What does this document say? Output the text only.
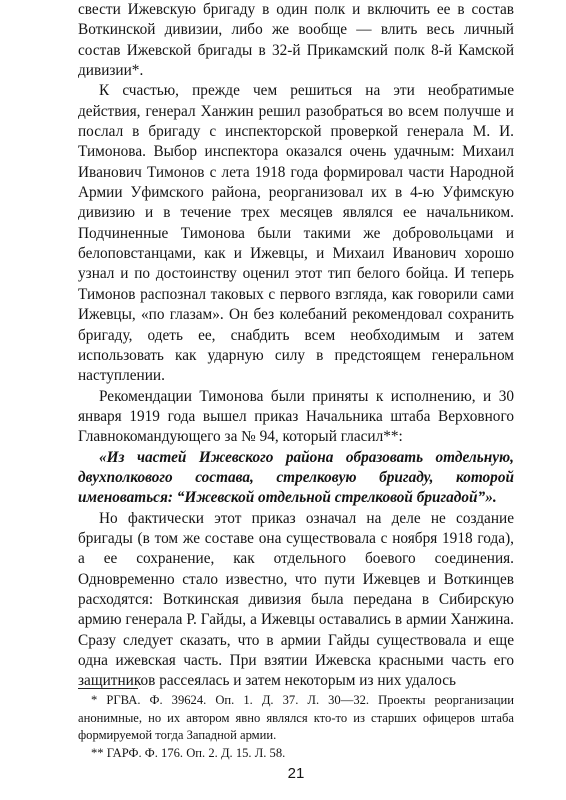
свести Ижевскую бригаду в один полк и включить ее в состав Воткинской дивизии, либо же вообще — влить весь личный состав Ижевской бригады в 32-й Прикамский полк 8-й Камской дивизии*.

К счастью, прежде чем решиться на эти необратимые действия, генерал Ханжин решил разобраться во всем получше и послал в бригаду с инспекторской проверкой генерала М. И. Тимонова. Выбор инспектора оказался очень удачным: Михаил Иванович Тимонов с лета 1918 года формировал части Народной Армии Уфимского района, реорганизовал их в 4-ю Уфимскую дивизию и в течение трех месяцев являлся ее начальником. Подчиненные Тимонова были такими же добровольцами и белоповстанцами, как и Ижевцы, и Михаил Иванович хорошо узнал и по достоинству оценил этот тип белого бойца. И теперь Тимонов распознал таковых с первого взгляда, как говорили сами Ижевцы, «по глазам». Он без колебаний рекомендовал сохранить бригаду, одеть ее, снабдить всем необходимым и затем использовать как ударную силу в предстоящем генеральном наступлении.

Рекомендации Тимонова были приняты к исполнению, и 30 января 1919 года вышел приказ Начальника штаба Верховного Главнокомандующего за № 94, который гласил**:

«Из частей Ижевского района образовать отдельную, двухполкового состава, стрелковую бригаду, которой именоваться: “Ижевской отдельной стрелковой бригадой”».

Но фактически этот приказ означал на деле не создание бригады (в том же составе она существовала с ноября 1918 года), а ее сохранение, как отдельного боевого соединения. Одновременно стало известно, что пути Ижевцев и Воткинцев расходятся: Воткинская дивизия была передана в Сибирскую армию генерала Р. Гайды, а Ижевцы оставались в армии Ханжина. Сразу следует сказать, что в армии Гайды существовала и еще одна ижевская часть. При взятии Ижевска красными часть его защитников рассеялась и затем некоторым из них удалось

* РГВА. Ф. 39624. Оп. 1. Д. 37. Л. 30—32. Проекты реорганизации анонимные, но их автором явно являлся кто-то из старших офицеров штаба формируемой тогда Западной армии.

** ГАРФ. Ф. 176. Оп. 2. Д. 15. Л. 58.

21
